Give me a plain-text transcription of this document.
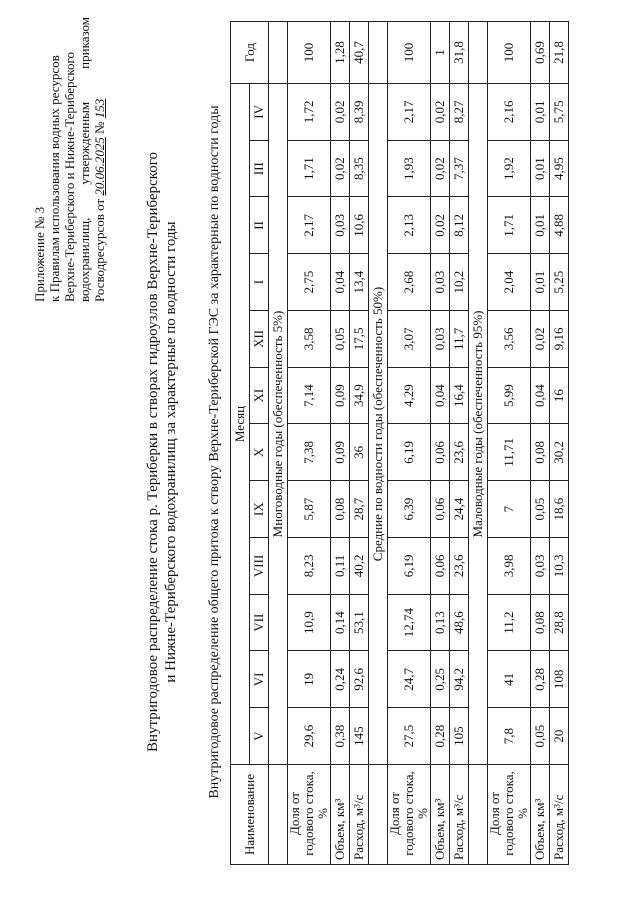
Приложение № 3 к Правилам использования водных ресурсов Верхне-Териберского и Нижне-Териберского водохранилищ,
утвержденным
приказом
Росводресурсов от 20.06.2025 № 153
Внутригодовое распределение стока р. Териберки в створах гидроузлов Верхне-Териберского и Нижне-Териберского водохранилищ за характерные по водности годы Внутригодовое распределение общего притока к створу Верхне-Териберской ГЭС за характерные по водности годы
Наименование	Месяц												Год
	V	VI	VII	VIII	IX	X	XI	XII	I	II	III	IV	
	Многоводные годы (обеспеченность 5%)												
Доля от годового стока, %	29,6	19	10,9	8,23	5,87	7,38	7,14	3,58	2,75	2,17	1,71	1,72	100
Объем, км³	0,38	0,24	0,14	0,11	0,08	0,09	0,09	0,05	0,04	0,03	0,02	0,02	1,28
Расход, м³/с	145	92,6	53,1	40,2	28,7	36	34,9	17,5	13,4	10,6	8,35	8,39	40,7
	Средние по водности годы (обеспеченность 50%)												
Доля от годового стока, %	27,5	24,7	12,74	6,19	6,39	6,19	4,29	3,07	2,68	2,13	1,93	2,17	100
Объем, км³	0,28	0,25	0,13	0,06	0,06	0,06	0,04	0,03	0,03	0,02	0,02	0,02	1
Расход, м³/с	105	94,2	48,6	23,6	24,4	23,6	16,4	11,7	10,2	8,12	7,37	8,27	31,8
	Маловодные годы (обеспеченность 95%)												
Доля от годового стока, %	7,8	41	11,2	3,98	7	11,71	5,99	3,56	2,04	1,71	1,92	2,16	100
Объем, км³	0,05	0,28	0,08	0,03	0,05	0,08	0,04	0,02	0,01	0,01	0,01	0,01	0,69
Расход, м³/с	20	108	28,8	10,3	18,6	30,2	16	9,16	5,25	4,88	4,95	5,75	21,8
